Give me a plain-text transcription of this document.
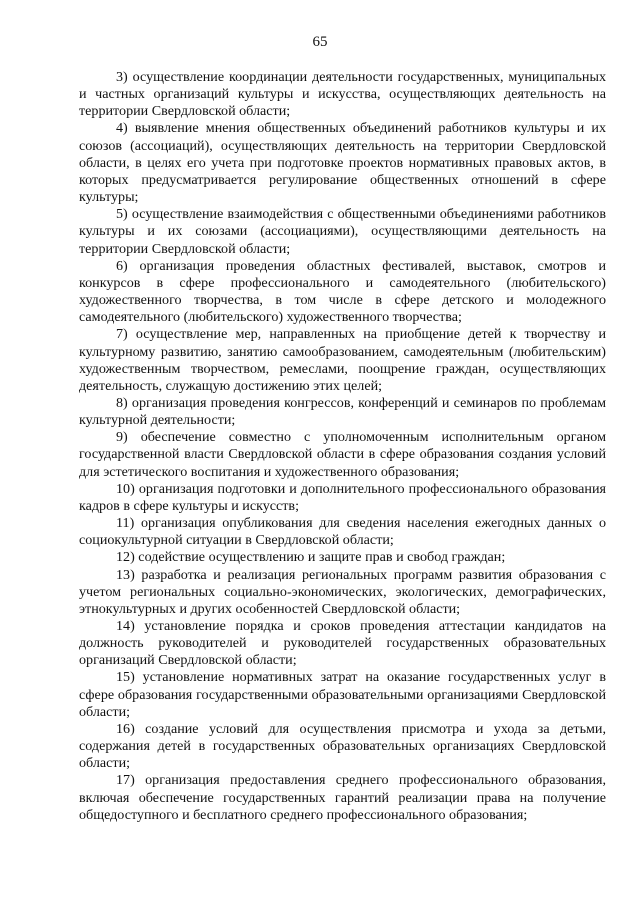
65

3) осуществление координации деятельности государственных, муниципальных и частных организаций культуры и искусства, осуществляющих деятельность на территории Свердловской области;

4) выявление мнения общественных объединений работников культуры и их союзов (ассоциаций), осуществляющих деятельность на территории Свердловской области, в целях его учета при подготовке проектов нормативных правовых актов, в которых предусматривается регулирование общественных отношений в сфере культуры;

5) осуществление взаимодействия с общественными объединениями работников культуры и их союзами (ассоциациями), осуществляющими деятельность на территории Свердловской области;

6) организация проведения областных фестивалей, выставок, смотров и конкурсов в сфере профессионального и самодеятельного (любительского) художественного творчества, в том числе в сфере детского и молодежного самодеятельного (любительского) художественного творчества;

7) осуществление мер, направленных на приобщение детей к творчеству и культурному развитию, занятию самообразованием, самодеятельным (любительским) художественным творчеством, ремеслами, поощрение граждан, осуществляющих деятельность, служащую достижению этих целей;

8) организация проведения конгрессов, конференций и семинаров по проблемам культурной деятельности;

9) обеспечение совместно с уполномоченным исполнительным органом государственной власти Свердловской области в сфере образования создания условий для эстетического воспитания и художественного образования;

10) организация подготовки и дополнительного профессионального образования кадров в сфере культуры и искусств;

11) организация опубликования для сведения населения ежегодных данных о социокультурной ситуации в Свердловской области;

12) содействие осуществлению и защите прав и свобод граждан;

13) разработка и реализация региональных программ развития образования с учетом региональных социально-экономических, экологических, демографических, этнокультурных и других особенностей Свердловской области;

14) установление порядка и сроков проведения аттестации кандидатов на должность руководителей и руководителей государственных образовательных организаций Свердловской области;

15) установление нормативных затрат на оказание государственных услуг в сфере образования государственными образовательными организациями Свердловской области;

16) создание условий для осуществления присмотра и ухода за детьми, содержания детей в государственных образовательных организациях Свердловской области;

17) организация предоставления среднего профессионального образования, включая обеспечение государственных гарантий реализации права на получение общедоступного и бесплатного среднего профессионального образования;
